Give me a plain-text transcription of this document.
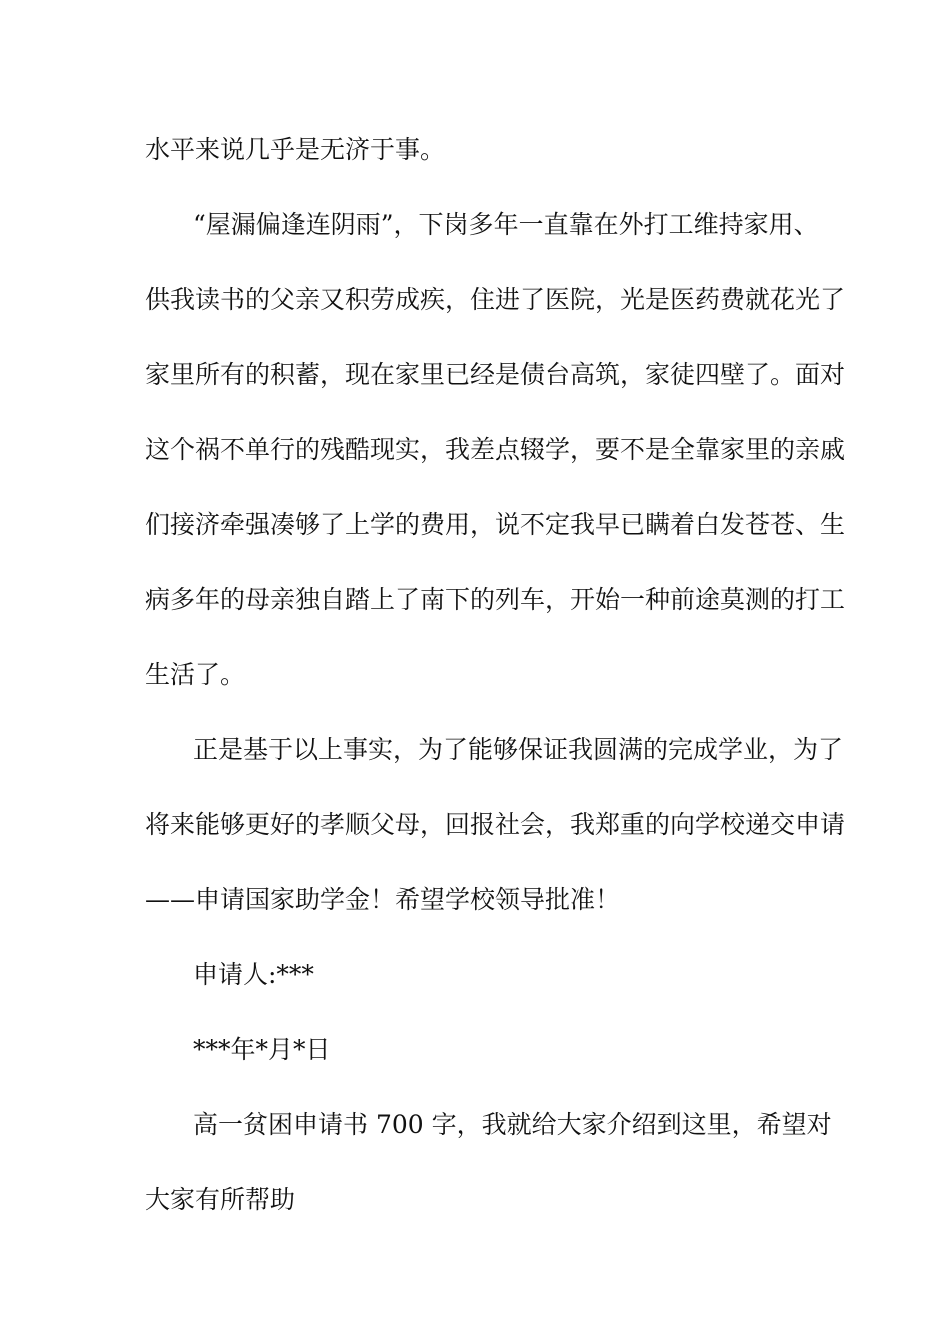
水平来说几乎是无济于事。
“屋漏偏逢连阴雨”，下岗多年一直靠在外打工维持家用、
供我读书的父亲又积劳成疾，住进了医院，光是医药费就花光了
家里所有的积蓄，现在家里已经是债台高筑，家徒四壁了。面对
这个祸不单行的残酷现实，我差点辍学，要不是全靠家里的亲戚
们接济牵强凑够了上学的费用，说不定我早已瞒着白发苍苍、生
病多年的母亲独自踏上了南下的列车，开始一种前途莫测的打工
生活了。
正是基于以上事实，为了能够保证我圆满的完成学业，为了
将来能够更好的孝顺父母，回报社会，我郑重的向学校递交申请
——申请国家助学金！希望学校领导批准！
申请人:***
***年*月*日
高一贫困申请书 700 字，我就给大家介绍到这里，希望对
大家有所帮助
